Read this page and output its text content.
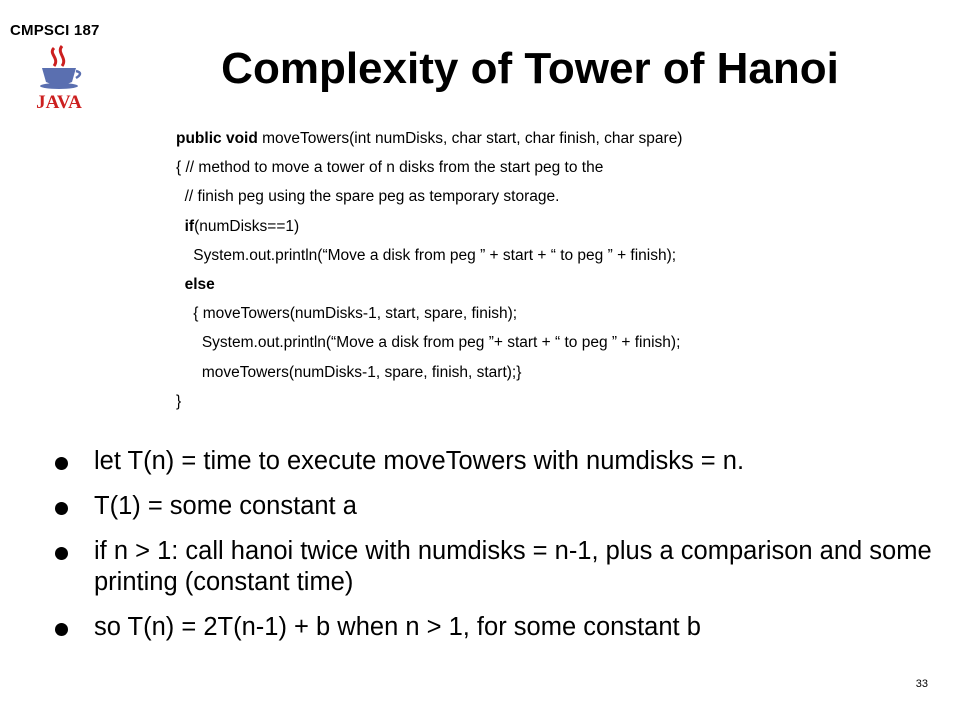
CMPSCI 187
JAVA
Complexity of Tower of Hanoi
public void moveTowers(int numDisks, char start, char finish, char spare)
{ // method to move a tower of n disks from the start peg to the
// finish peg using the spare peg as temporary storage.
if(numDisks==1)
System.out.println(“Move a disk from peg ” + start + “ to peg ” + finish);
else
{ moveTowers(numDisks-1, start, spare, finish);
System.out.println(“Move a disk from peg ”+ start + “ to peg ” + finish);
moveTowers(numDisks-1, spare, finish, start);}
}
let T(n) = time to execute moveTowers with numdisks = n.
T(1) = some constant a
if n > 1: call hanoi twice with numdisks = n-1, plus a comparison and some printing (constant time)
so T(n) = 2T(n-1) + b when n > 1, for some constant b
33
